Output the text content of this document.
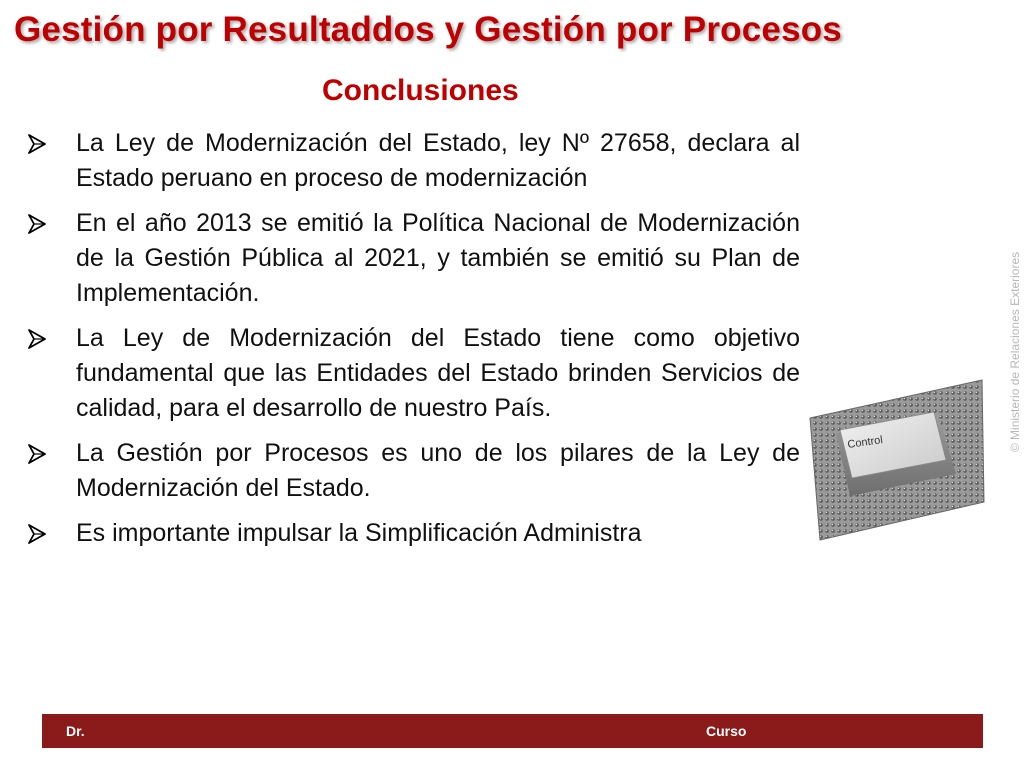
Gestión por Resultaddos y Gestión por Procesos
Conclusiones
La Ley de Modernización del Estado, ley Nº 27658, declara al Estado peruano en proceso de modernización
En el año 2013 se emitió la Política Nacional de Modernización de la Gestión Pública al 2021, y también se emitió su Plan de Implementación.
La Ley de Modernización del Estado tiene como objetivo fundamental que las Entidades del Estado brinden Servicios de calidad, para el desarrollo de nuestro País.
La Gestión por Procesos es uno de los pilares de la Ley de Modernización del Estado.
Es importante impulsar la Simplificación Administra
Control	© Ministerio de Relaciones Exteriores
Dr.	Curso
